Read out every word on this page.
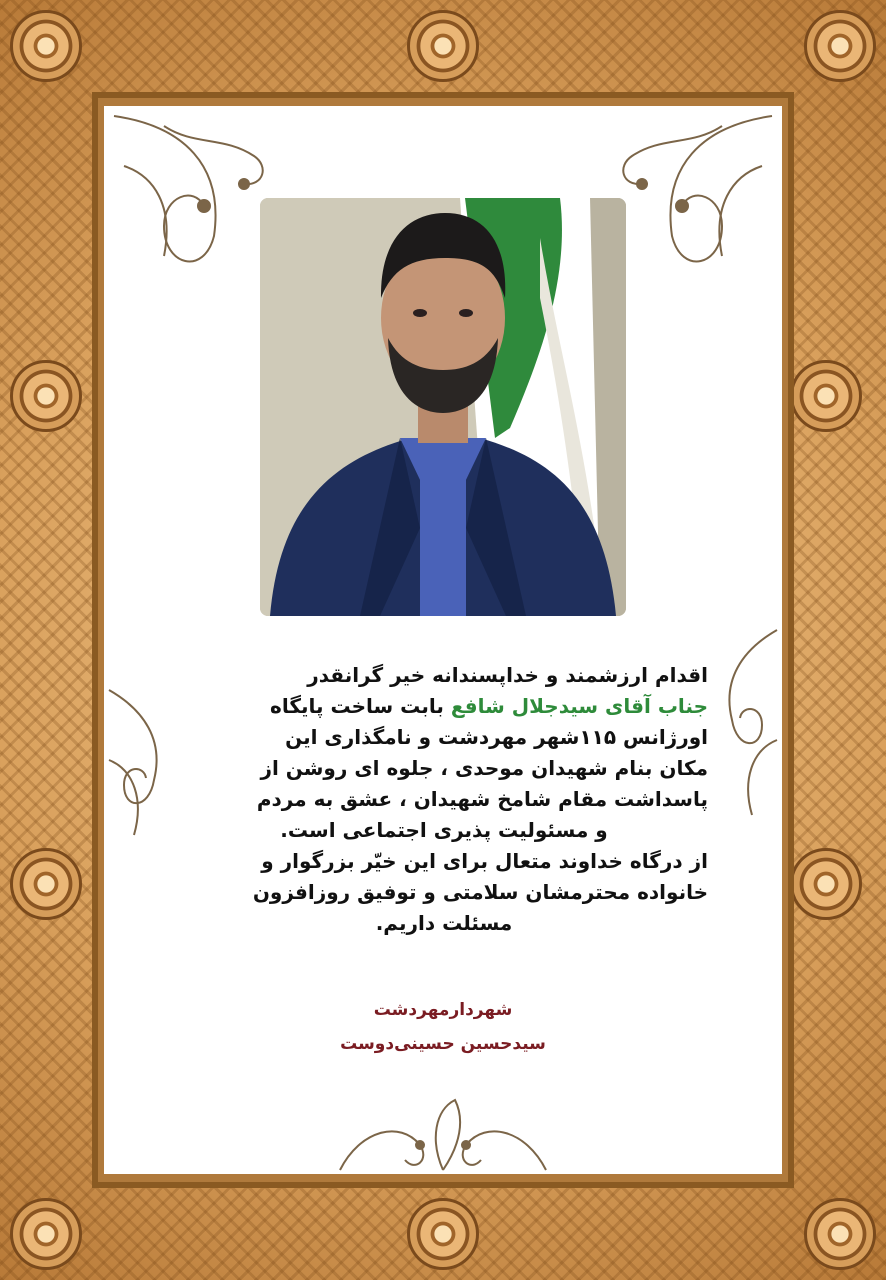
اقدام ارزشمند و خداپسندانه خیر گرانقدر
جناب آقای سیدجلال شافع بابت ساخت پایگاه
اورژانس ۱۱۵شهر مهردشت و نامگذاری این
مکان بنام شهیدان موحدی ، جلوه ای روشن از
پاسداشت مقام شامخ شهیدان ، عشق به مردم
و مسئولیت پذیری اجتماعی است.
از درگاه خداوند متعال برای این خیّر بزرگوار و
خانواده محترمشان سلامتی و توفیق روزافزون
مسئلت داریم.
شهردارمهردشت
سیدحسین حسینی‌دوست
